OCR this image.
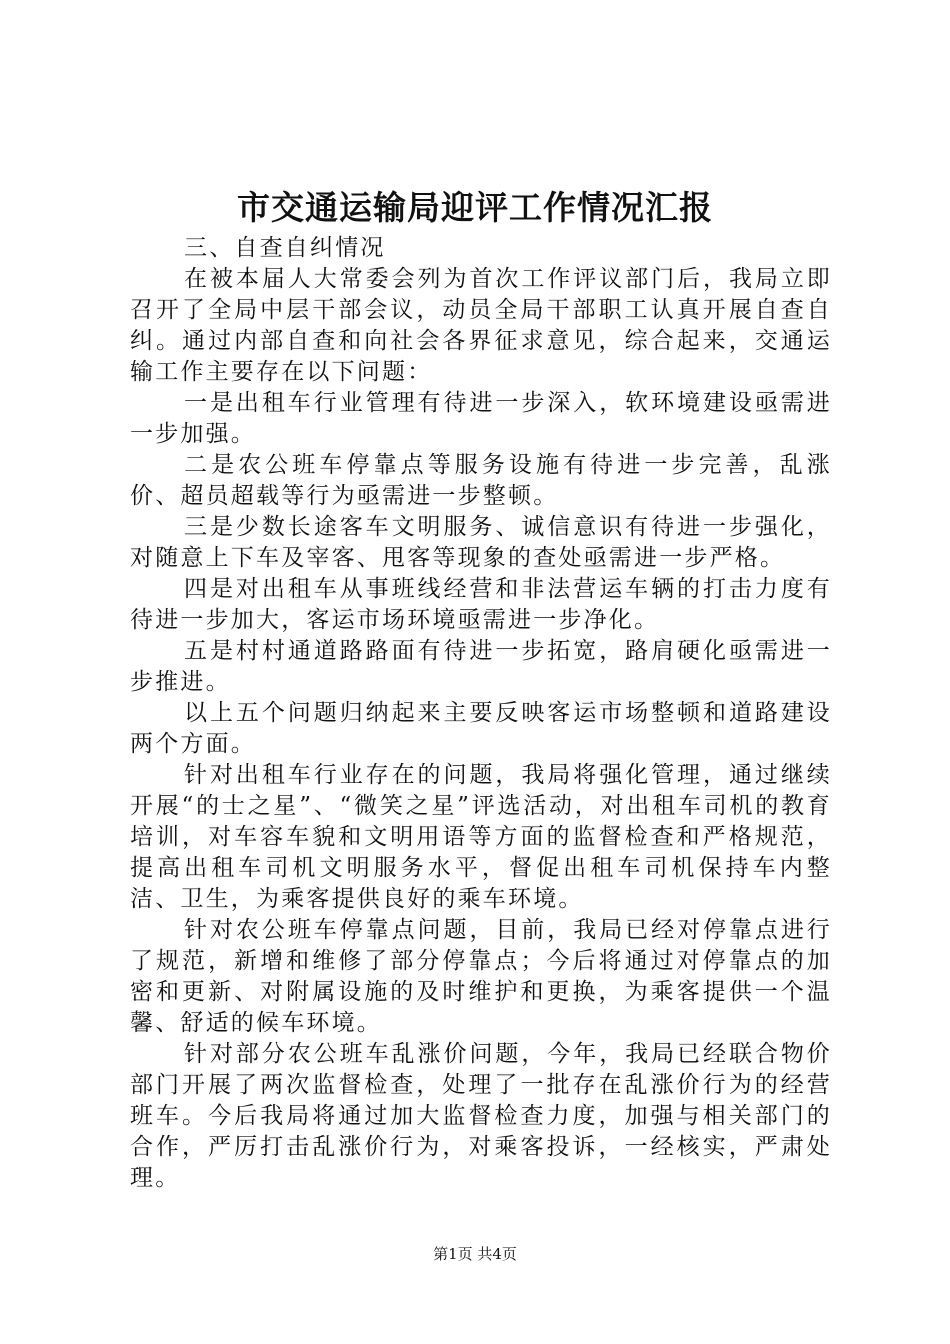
市交通运输局迎评工作情况汇报

三、自查自纠情况

在被本届人大常委会列为首次工作评议部门后，我局立即召开了全局中层干部会议，动员全局干部职工认真开展自查自纠。通过内部自查和向社会各界征求意见，综合起来，交通运输工作主要存在以下问题：

一是出租车行业管理有待进一步深入，软环境建设亟需进一步加强。

二是农公班车停靠点等服务设施有待进一步完善，乱涨价、超员超载等行为亟需进一步整顿。

三是少数长途客车文明服务、诚信意识有待进一步强化，对随意上下车及宰客、甩客等现象的查处亟需进一步严格。

四是对出租车从事班线经营和非法营运车辆的打击力度有待进一步加大，客运市场环境亟需进一步净化。

五是村村通道路路面有待进一步拓宽，路肩硬化亟需进一步推进。

以上五个问题归纳起来主要反映客运市场整顿和道路建设两个方面。

针对出租车行业存在的问题，我局将强化管理，通过继续开展“的士之星”、“微笑之星”评选活动，对出租车司机的教育培训，对车容车貌和文明用语等方面的监督检查和严格规范，提高出租车司机文明服务水平，督促出租车司机保持车内整洁、卫生，为乘客提供良好的乘车环境。

针对农公班车停靠点问题，目前，我局已经对停靠点进行了规范，新增和维修了部分停靠点；今后将通过对停靠点的加密和更新、对附属设施的及时维护和更换，为乘客提供一个温馨、舒适的候车环境。

针对部分农公班车乱涨价问题，今年，我局已经联合物价部门开展了两次监督检查，处理了一批存在乱涨价行为的经营班车。今后我局将通过加大监督检查力度，加强与相关部门的合作，严厉打击乱涨价行为，对乘客投诉，一经核实，严肃处理。

第1页 共4页
